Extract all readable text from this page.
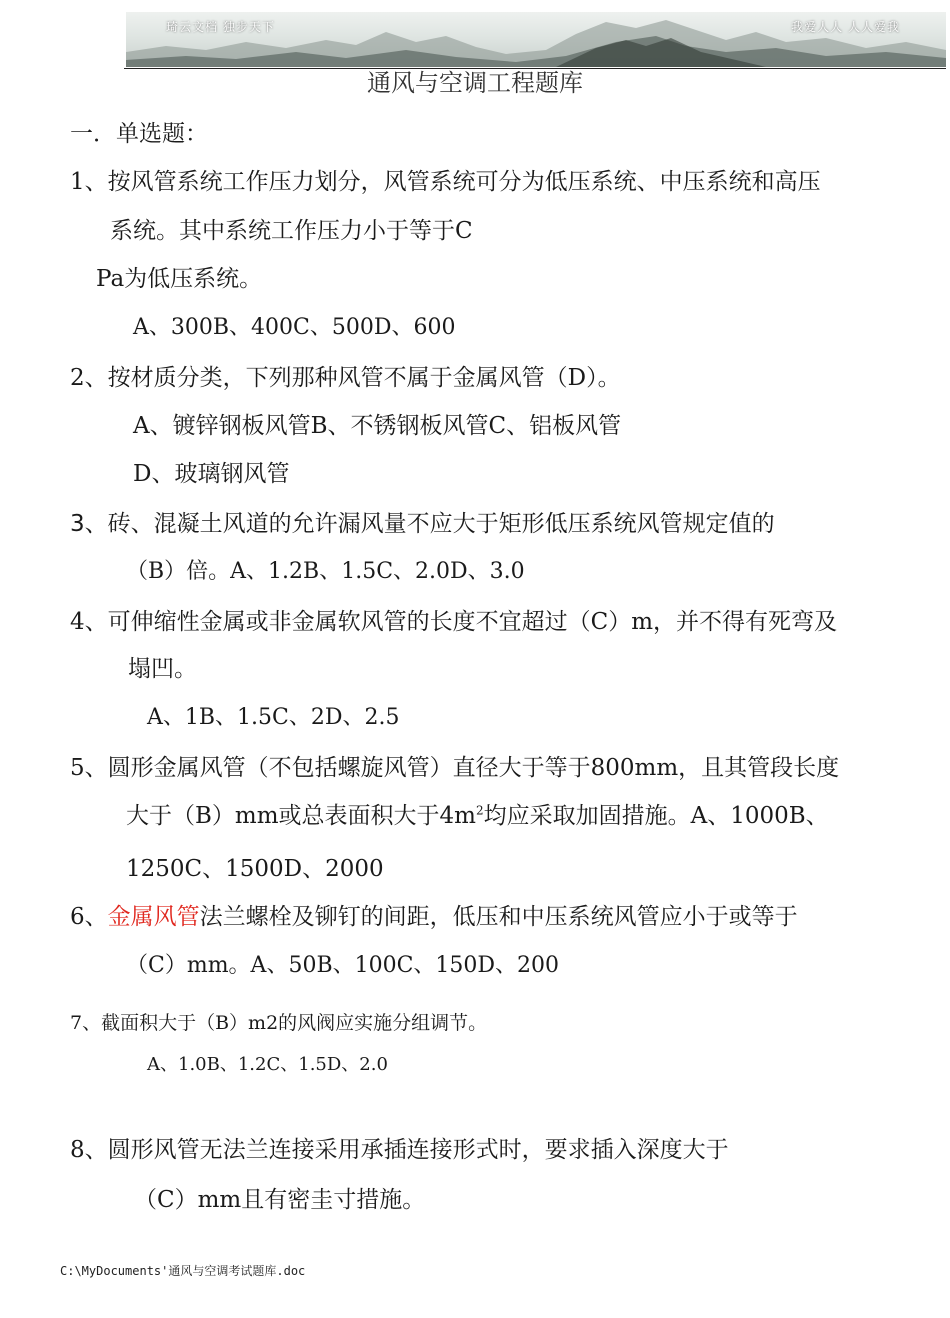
琦云文档 独步天下	我爱人人 人人爱我
通风与空调工程题库
一．单选题：
1、按风管系统工作压力划分，风管系统可分为低压系统、中压系统和高压
系统。其中系统工作压力小于等于C
Pa为低压系统。
A、300B、400C、500D、600
2、按材质分类，下列那种风管不属于金属风管（D）。
A、镀锌钢板风管B、不锈钢板风管C、铝板风管
D、玻璃钢风管
3、砖、混凝土风道的允许漏风量不应大于矩形低压系统风管规定值的
（B）倍。A、1.2B、1.5C、2.0D、3.0
4、可伸缩性金属或非金属软风管的长度不宜超过（C）m，并不得有死弯及
塌凹。
A、1B、1.5C、2D、2.5
5、圆形金属风管（不包括螺旋风管）直径大于等于800mm，且其管段长度
大于（B）mm或总表面积大于$4m^2$均应采取加固措施。A、1000B、
1250C、1500D、2000
6、金属风管法兰螺栓及铆钉的间距，低压和中压系统风管应小于或等于
（C）mm。A、50B、100C、150D、200
7、截面积大于（B）m2的风阀应实施分组调节。
A、1.0B、1.2C、1.5D、2.0
8、圆形风管无法兰连接采用承插连接形式时，要求插入深度大于
（C）mm且有密圭寸措施。
C:\MyDocuments'通风与空调考试题库.doc
